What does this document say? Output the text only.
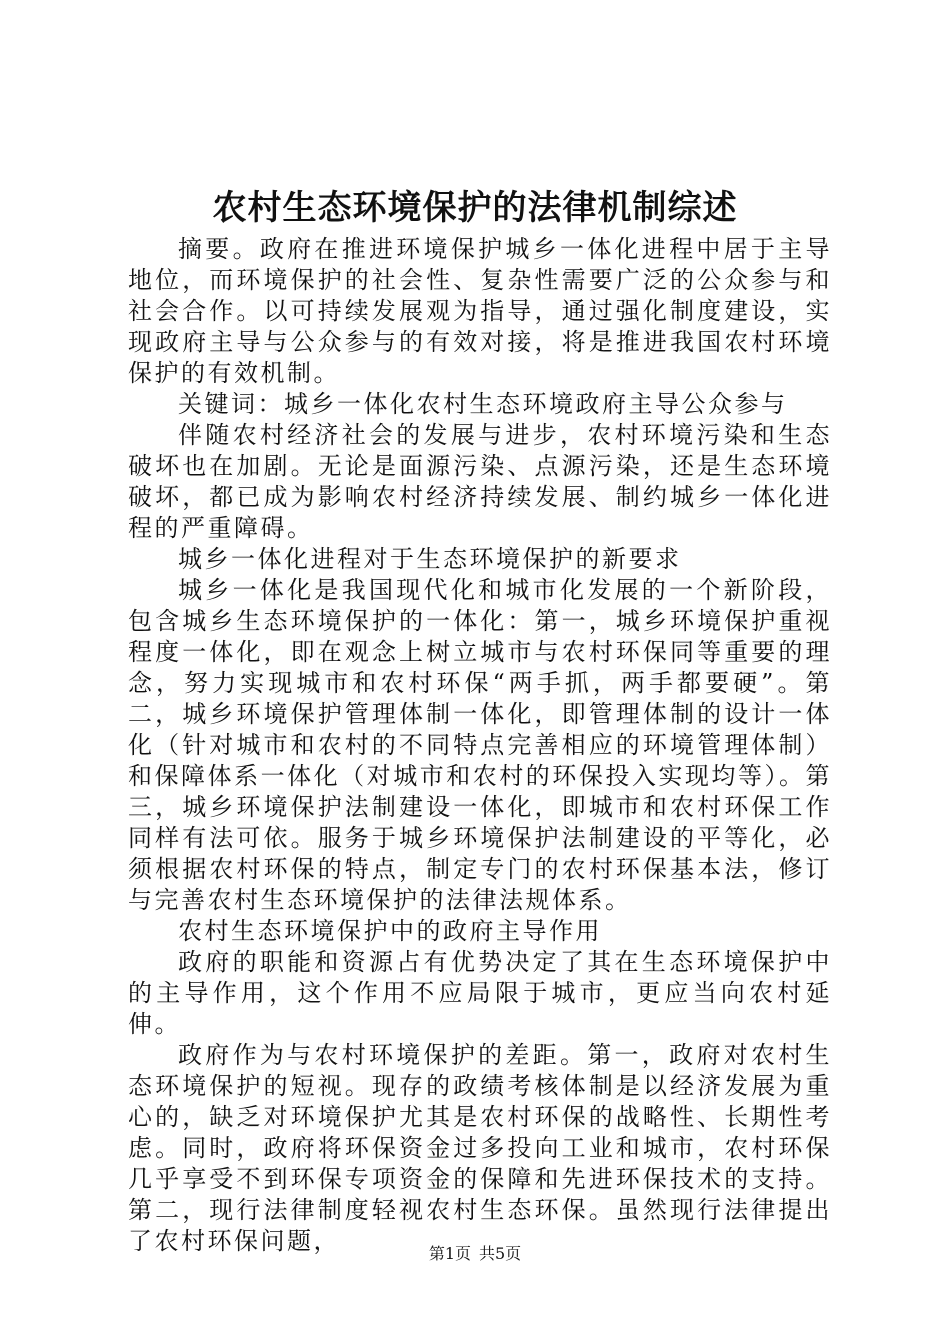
农村生态环境保护的法律机制综述

摘要。政府在推进环境保护城乡一体化进程中居于主导地位，而环境保护的社会性、复杂性需要广泛的公众参与和社会合作。以可持续发展观为指导，通过强化制度建设，实现政府主导与公众参与的有效对接，将是推进我国农村环境保护的有效机制。

关键词：城乡一体化农村生态环境政府主导公众参与

伴随农村经济社会的发展与进步，农村环境污染和生态破坏也在加剧。无论是面源污染、点源污染，还是生态环境破坏，都已成为影响农村经济持续发展、制约城乡一体化进程的严重障碍。

城乡一体化进程对于生态环境保护的新要求

城乡一体化是我国现代化和城市化发展的一个新阶段，包含城乡生态环境保护的一体化：第一，城乡环境保护重视程度一体化，即在观念上树立城市与农村环保同等重要的理念，努力实现城市和农村环保“两手抓，两手都要硬”。第二，城乡环境保护管理体制一体化，即管理体制的设计一体化（针对城市和农村的不同特点完善相应的环境管理体制）和保障体系一体化（对城市和农村的环保投入实现均等）。第三，城乡环境保护法制建设一体化，即城市和农村环保工作同样有法可依。服务于城乡环境保护法制建设的平等化，必须根据农村环保的特点，制定专门的农村环保基本法，修订与完善农村生态环境保护的法律法规体系。

农村生态环境保护中的政府主导作用

政府的职能和资源占有优势决定了其在生态环境保护中的主导作用，这个作用不应局限于城市，更应当向农村延伸。

政府作为与农村环境保护的差距。第一，政府对农村生态环境保护的短视。现存的政绩考核体制是以经济发展为重心的，缺乏对环境保护尤其是农村环保的战略性、长期性考虑。同时，政府将环保资金过多投向工业和城市，农村环保几乎享受不到环保专项资金的保障和先进环保技术的支持。第二，现行法律制度轻视农村生态环保。虽然现行法律提出了农村环保问题，	第1页 共5页
